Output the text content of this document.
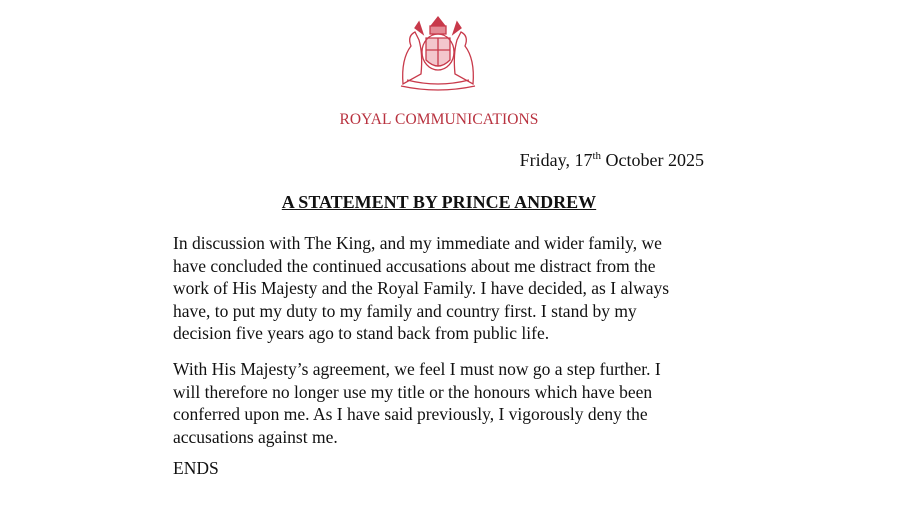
ROYAL COMMUNICATIONS
Friday, 17th October 2025
A STATEMENT BY PRINCE ANDREW
In discussion with The King, and my immediate and wider family, we
have concluded the continued accusations about me distract from the
work of His Majesty and the Royal Family. I have decided, as I always
have, to put my duty to my family and country first. I stand by my
decision five years ago to stand back from public life.
With His Majesty’s agreement, we feel I must now go a step further. I
will therefore no longer use my title or the honours which have been
conferred upon me. As I have said previously, I vigorously deny the
accusations against me.
ENDS
